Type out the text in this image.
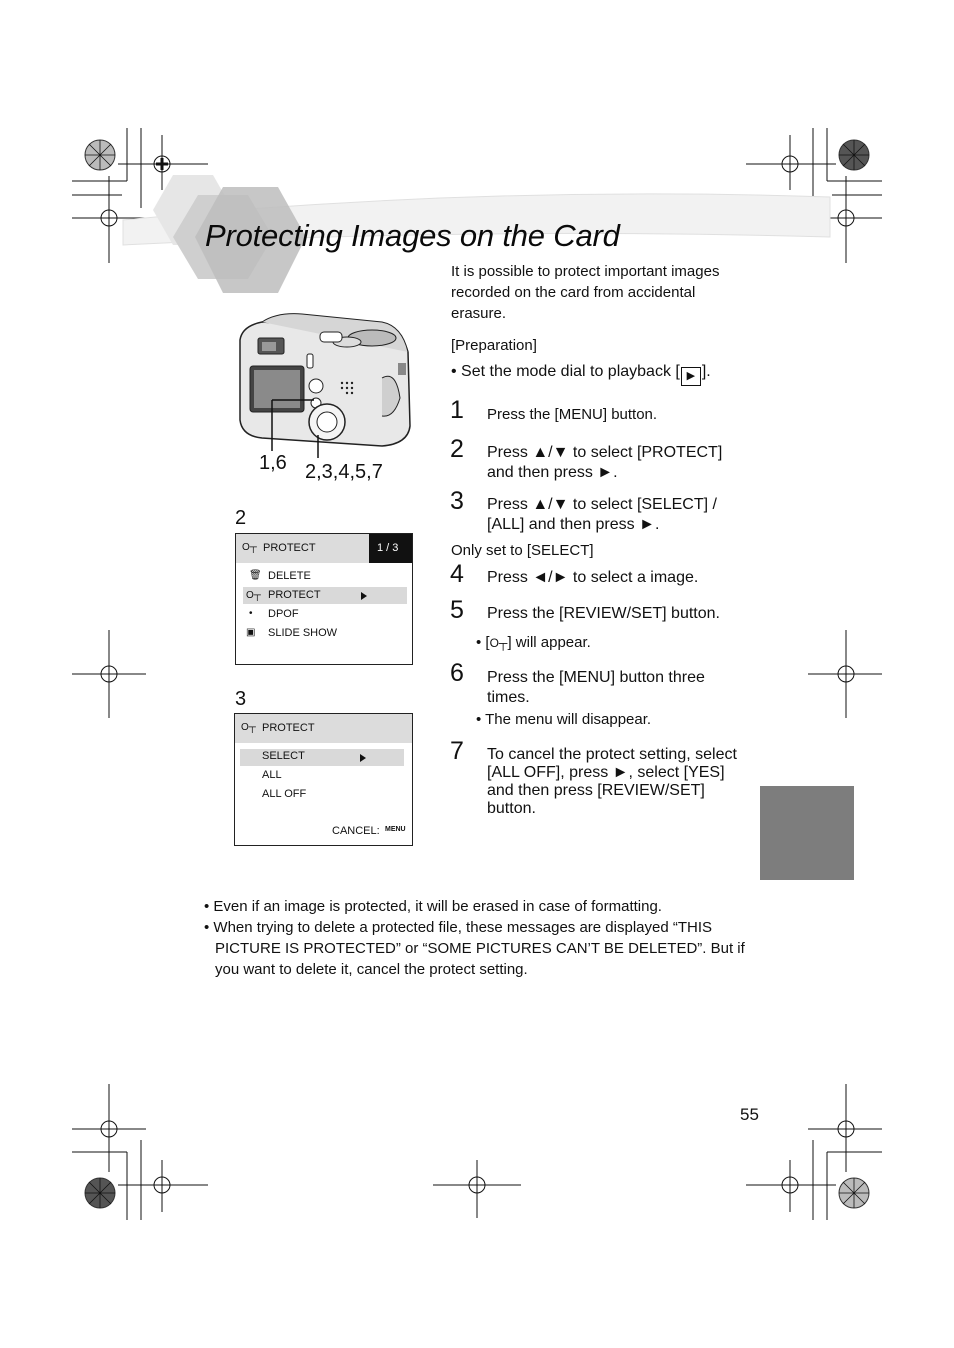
Protecting Images on the Card
It is possible to protect important images recorded on the card from accidental erasure.
[Preparation]
• Set the mode dial to playback [ ▶ ].
1,6 2,3,4,5,7
2
O┬ PROTECT	1 / 3
🗑 DELETE
O┬ PROTECT
• DPOF
▣ SLIDE SHOW
3
O┬ PROTECT
SELECT
ALL
ALL OFF
CANCEL: MENU
1 Press the [MENU] button.
2 Press ▲/▼ to select [PROTECT] and then press ►.
3 Press ▲/▼ to select [SELECT] / [ALL] and then press ►.
Only set to [SELECT]
4 Press ◄/► to select a image.
5 Press the [REVIEW/SET] button.
• [O┬] will appear.
6 Press the [MENU] button three times.
• The menu will disappear.
7 To cancel the protect setting, select [ALL OFF], press ►, select [YES] and then press [REVIEW/SET] button.
• Even if an image is protected, it will be erased in case of formatting.
• When trying to delete a protected file, these messages are displayed “THIS PICTURE IS PROTECTED” or “SOME PICTURES CAN’T BE DELETED”. But if you want to delete it, cancel the protect setting.
55
